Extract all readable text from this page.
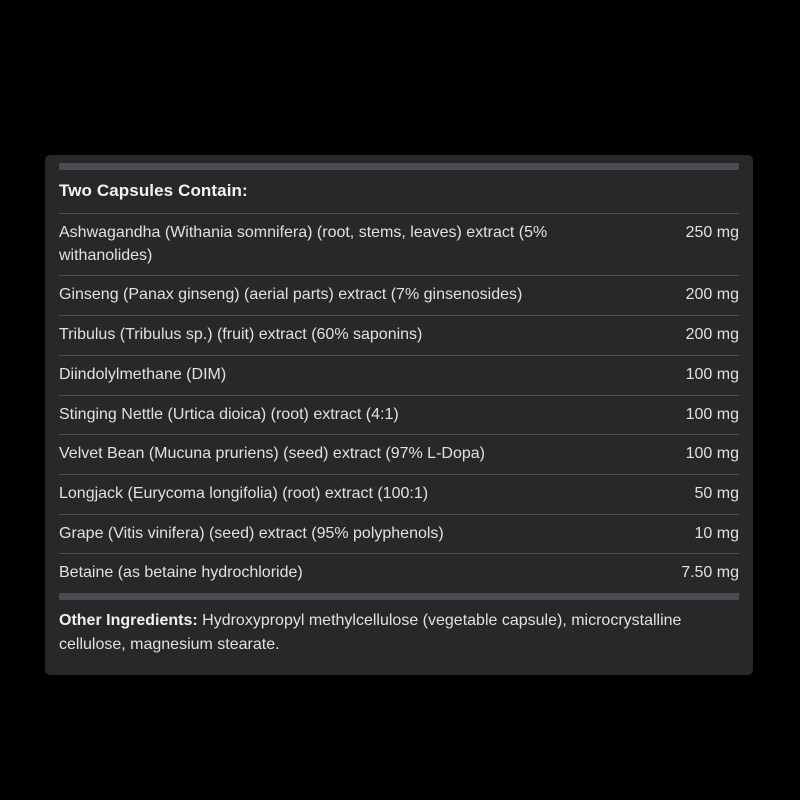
Two Capsules Contain:
Ashwagandha (Withania somnifera) (root, stems, leaves) extract (5% withanolides)
250 mg
Ginseng (Panax ginseng) (aerial parts) extract (7% ginsenosides)	200 mg
Tribulus (Tribulus sp.) (fruit) extract (60% saponins)	200 mg
Diindolylmethane (DIM)	100 mg
Stinging Nettle (Urtica dioica) (root) extract (4:1)	100 mg
Velvet Bean (Mucuna pruriens) (seed) extract (97% L-Dopa)	100 mg
Longjack (Eurycoma longifolia) (root) extract (100:1)	50 mg
Grape (Vitis vinifera) (seed) extract (95% polyphenols)	10 mg
Betaine (as betaine hydrochloride)	7.50 mg

Other Ingredients: Hydroxypropyl methylcellulose (vegetable capsule), microcrystalline cellulose, magnesium stearate.
